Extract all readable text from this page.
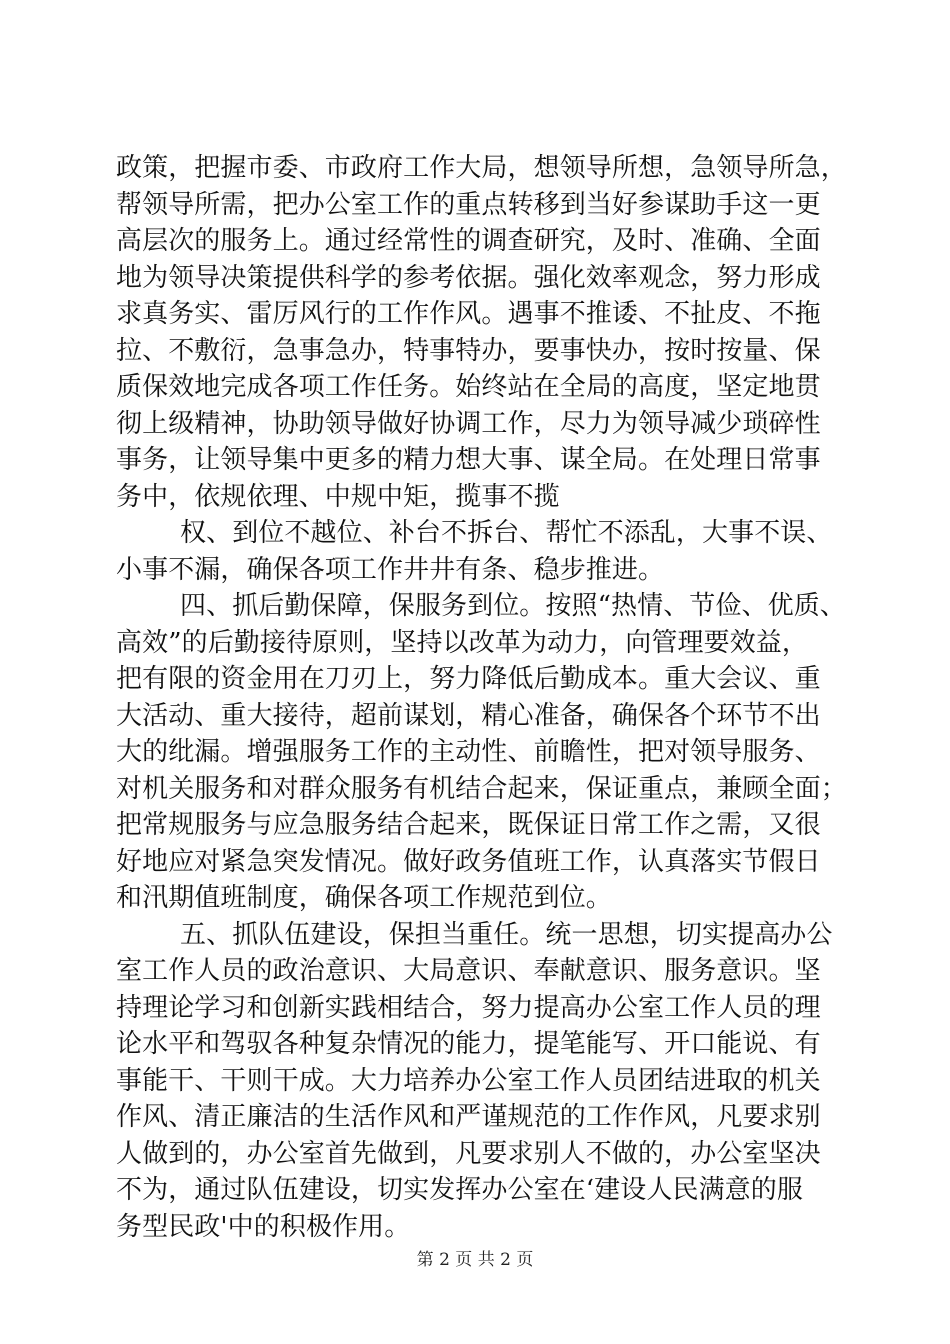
政策，把握市委、市政府工作大局，想领导所想，急领导所急，
帮领导所需，把办公室工作的重点转移到当好参谋助手这一更
高层次的服务上。通过经常性的调查研究，及时、准确、全面
地为领导决策提供科学的参考依据。强化效率观念，努力形成
求真务实、雷厉风行的工作作风。遇事不推诿、不扯皮、不拖
拉、不敷衍，急事急办，特事特办，要事快办，按时按量、保
质保效地完成各项工作任务。始终站在全局的高度，坚定地贯
彻上级精神，协助领导做好协调工作，尽力为领导减少琐碎性
事务，让领导集中更多的精力想大事、谋全局。在处理日常事
务中，依规依理、中规中矩，揽事不揽
权、到位不越位、补台不拆台、帮忙不添乱，大事不误、
小事不漏，确保各项工作井井有条、稳步推进。
四、抓后勤保障，保服务到位。按照“热情、节俭、优质、
高效”的后勤接待原则，坚持以改革为动力，向管理要效益，
把有限的资金用在刀刃上，努力降低后勤成本。重大会议、重
大活动、重大接待，超前谋划，精心准备，确保各个环节不出
大的纰漏。增强服务工作的主动性、前瞻性，把对领导服务、
对机关服务和对群众服务有机结合起来，保证重点，兼顾全面；
把常规服务与应急服务结合起来，既保证日常工作之需，又很
好地应对紧急突发情况。做好政务值班工作，认真落实节假日
和汛期值班制度，确保各项工作规范到位。
五、抓队伍建设，保担当重任。统一思想，切实提高办公
室工作人员的政治意识、大局意识、奉献意识、服务意识。坚
持理论学习和创新实践相结合，努力提高办公室工作人员的理
论水平和驾驭各种复杂情况的能力，提笔能写、开口能说、有
事能干、干则干成。大力培养办公室工作人员团结进取的机关
作风、清正廉洁的生活作风和严谨规范的工作作风，凡要求别
人做到的，办公室首先做到，凡要求别人不做的，办公室坚决
不为，通过队伍建设，切实发挥办公室在‘建设人民满意的服
务型民政'中的积极作用。
第 2 页 共 2 页
